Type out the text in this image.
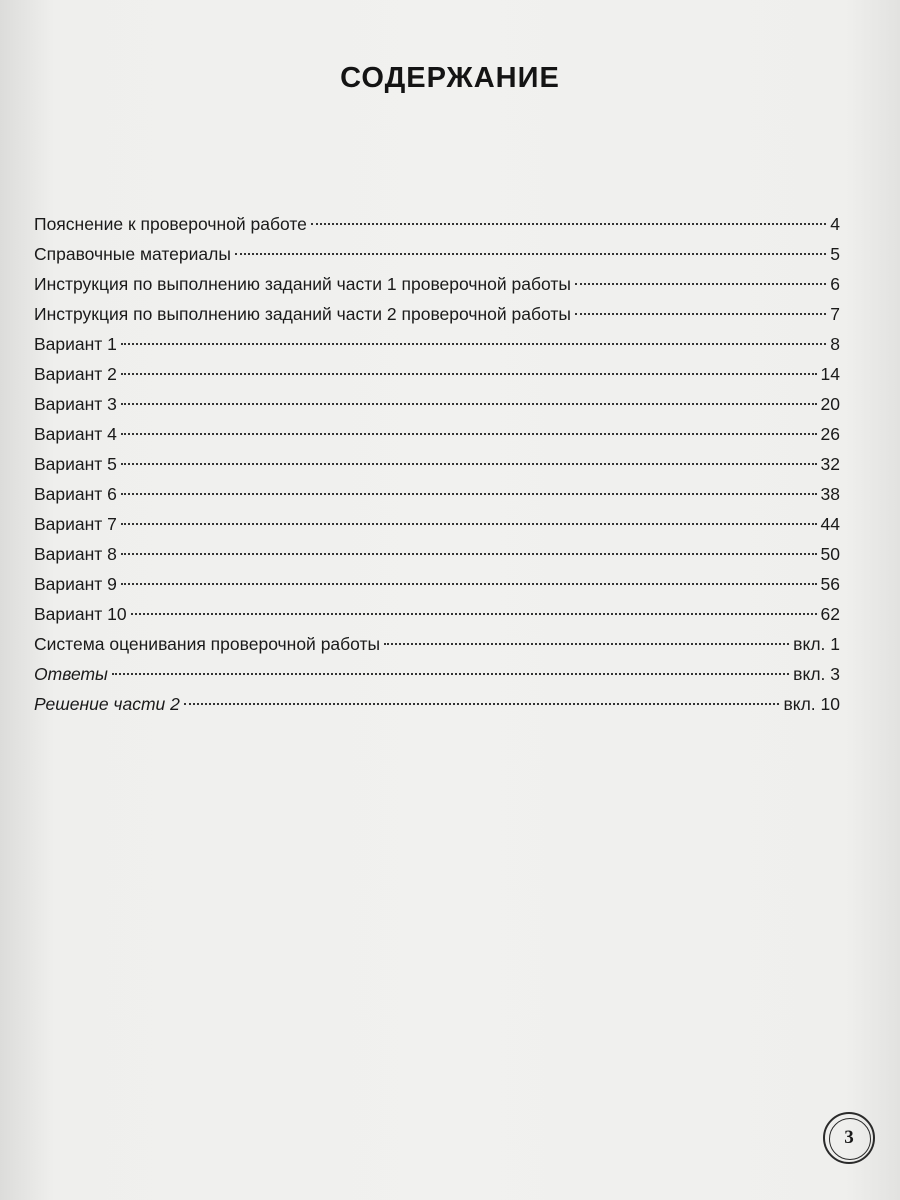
СОДЕРЖАНИЕ
Пояснение к проверочной работе	4
Справочные материалы	5
Инструкция по выполнению заданий части 1 проверочной работы	6
Инструкция по выполнению заданий части 2 проверочной работы	7
Вариант 1	8
Вариант 2	14
Вариант 3	20
Вариант 4	26
Вариант 5	32
Вариант 6	38
Вариант 7	44
Вариант 8	50
Вариант 9	56
Вариант 10	62
Система оценивания проверочной работы	вкл. 1
Ответы	вкл. 3
Решение части 2	вкл. 10
3
